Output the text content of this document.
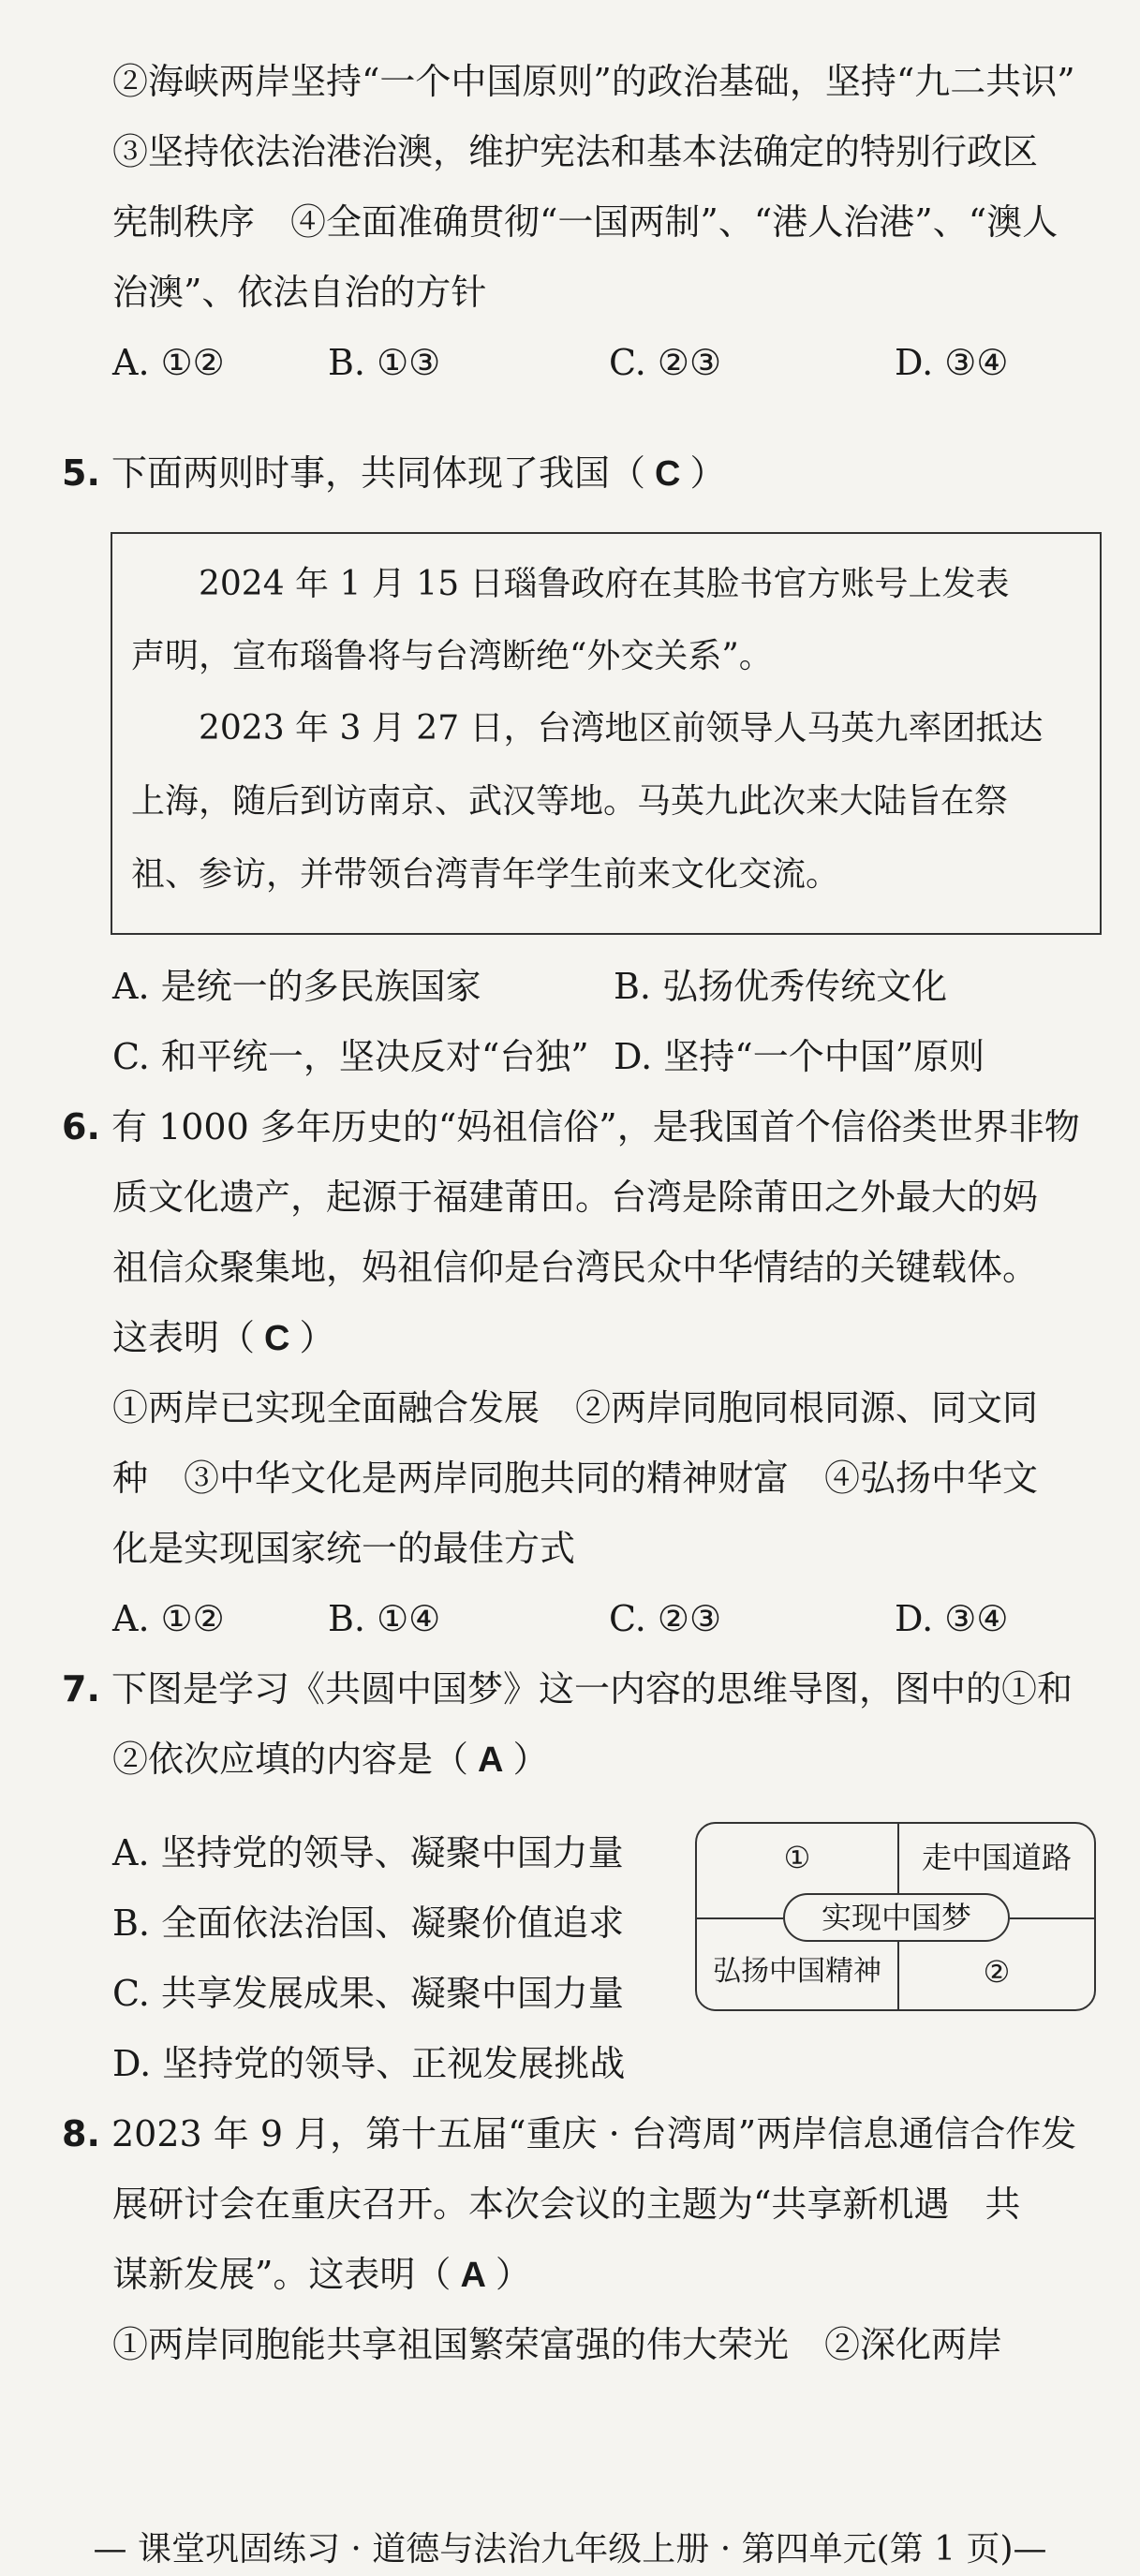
②海峡两岸坚持“一个中国原则”的政治基础，坚持“九二共识”
③坚持依法治港治澳，维护宪法和基本法确定的特别行政区
宪制秩序　④全面准确贯彻“一国两制”、“港人治港”、“澳人
治澳”、依法自治的方针
A. ①②	B. ①③	C. ②③	D. ③④
5. 下面两则时事，共同体现了我国（ C ）
　　2024 年 1 月 15 日瑙鲁政府在其脸书官方账号上发表
声明，宣布瑙鲁将与台湾断绝“外交关系”。
　　2023 年 3 月 27 日，台湾地区前领导人马英九率团抵达
上海，随后到访南京、武汉等地。马英九此次来大陆旨在祭
祖、参访，并带领台湾青年学生前来文化交流。
A. 是统一的多民族国家	B. 弘扬优秀传统文化
C. 和平统一，坚决反对“台独” D. 坚持“一个中国”原则
6. 有 1000 多年历史的“妈祖信俗”，是我国首个信俗类世界非物
质文化遗产，起源于福建莆田。台湾是除莆田之外最大的妈
祖信众聚集地，妈祖信仰是台湾民众中华情结的关键载体。
这表明（ C ）
①两岸已实现全面融合发展　②两岸同胞同根同源、同文同
种　③中华文化是两岸同胞共同的精神财富　④弘扬中华文
化是实现国家统一的最佳方式
A. ①②	B. ①④	C. ②③	D. ③④
7. 下图是学习《共圆中国梦》这一内容的思维导图，图中的①和
②依次应填的内容是（ A ）
A. 坚持党的领导、凝聚中国力量
B. 全面依法治国、凝聚价值追求
C. 共享发展成果、凝聚中国力量
D. 坚持党的领导、正视发展挑战
①	走中国道路
实现中国梦
弘扬中国精神	②
8. 2023 年 9 月，第十五届“重庆 · 台湾周”两岸信息通信合作发
展研讨会在重庆召开。本次会议的主题为“共享新机遇　共
谋新发展”。这表明（ A ）
①两岸同胞能共享祖国繁荣富强的伟大荣光　②深化两岸
— 课堂巩固练习 · 道德与法治九年级上册 · 第四单元(第 1 页)—
